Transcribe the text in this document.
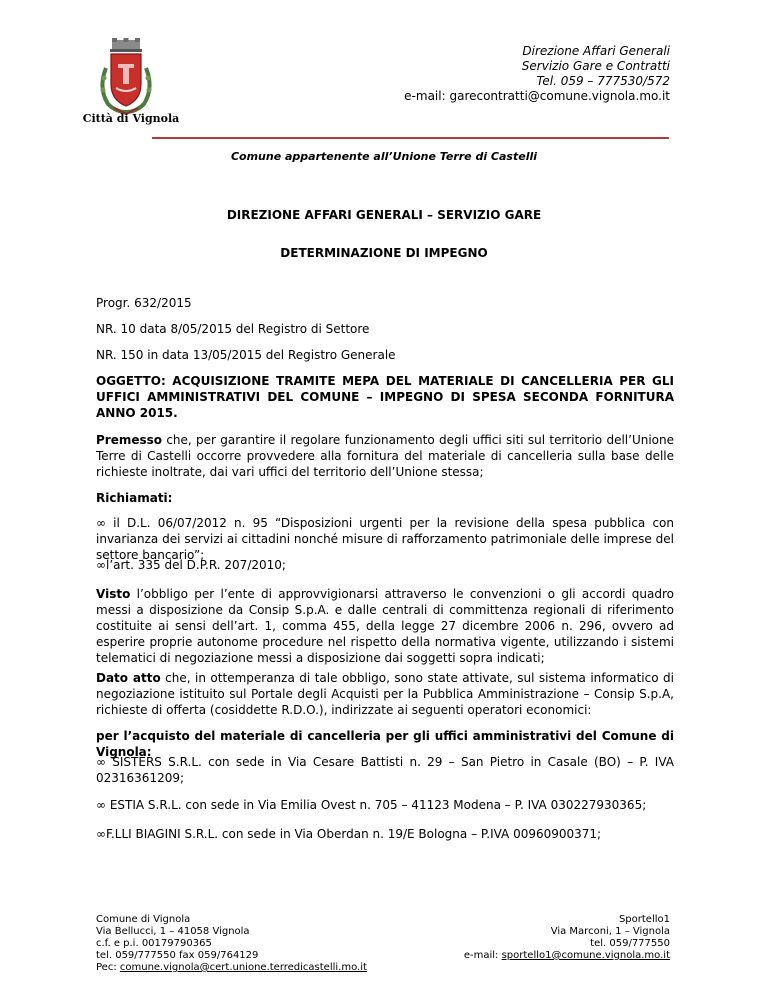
Direzione Affari Generali
Servizio Gare e Contratti
Tel. 059 – 777530/572
e-mail: garecontratti@comune.vignola.mo.it
Città di Vignola
Comune appartenente all’Unione Terre di Castelli
DIREZIONE AFFARI GENERALI – SERVIZIO GARE
DETERMINAZIONE DI IMPEGNO
Progr. 632/2015
NR. 10 data 8/05/2015 del Registro di Settore
NR. 150 in data 13/05/2015 del Registro Generale

OGGETTO: ACQUISIZIONE TRAMITE MEPA DEL MATERIALE DI CANCELLERIA PER GLI UFFICI AMMINISTRATIVI DEL COMUNE – IMPEGNO DI SPESA SECONDA FORNITURA ANNO 2015.

Premesso che, per garantire il regolare funzionamento degli uffici siti sul territorio dell’Unione Terre di Castelli occorre provvedere alla fornitura del materiale di cancelleria sulla base delle richieste inoltrate, dai vari uffici del territorio dell’Unione stessa;

Richiamati:

∞ il D.L. 06/07/2012 n. 95 “Disposizioni urgenti per la revisione della spesa pubblica con invarianza dei servizi ai cittadini nonché misure di rafforzamento patrimoniale delle imprese del settore bancario”;

∞l’art. 335 del D.P.R. 207/2010;

Visto l’obbligo per l’ente di approvvigionarsi attraverso le convenzioni o gli accordi quadro messi a disposizione da Consip S.p.A. e dalle centrali di committenza regionali di riferimento costituite ai sensi dell’art. 1, comma 455, della legge 27 dicembre 2006 n. 296, ovvero ad esperire proprie autonome procedure nel rispetto della normativa vigente, utilizzando i sistemi telematici di negoziazione messi a disposizione dai soggetti sopra indicati;

Dato atto che, in ottemperanza di tale obbligo, sono state attivate, sul sistema informatico di negoziazione istituito sul Portale degli Acquisti per la Pubblica Amministrazione – Consip S.p.A, richieste di offerta (cosiddette R.D.O.), indirizzate ai seguenti operatori economici:

per l’acquisto del materiale di cancelleria per gli uffici amministrativi del Comune di Vignola:

∞ SISTERS S.R.L. con sede in Via Cesare Battisti n. 29 – San Pietro in Casale (BO) – P. IVA 02316361209;

∞ ESTIA S.R.L. con sede in Via Emilia Ovest n. 705 – 41123 Modena – P. IVA 030227930365;

∞F.LLI BIAGINI S.R.L. con sede in Via Oberdan n. 19/E Bologna – P.IVA 00960900371;

Comune di Vignola
Via Bellucci, 1 – 41058 Vignola
c.f. e p.i. 00179790365
tel. 059/777550 fax 059/764129
Pec: comune.vignola@cert.unione.terredicastelli.mo.it
Sportello1
Via Marconi, 1 – Vignola
tel. 059/777550
e-mail: sportello1@comune.vignola.mo.it
